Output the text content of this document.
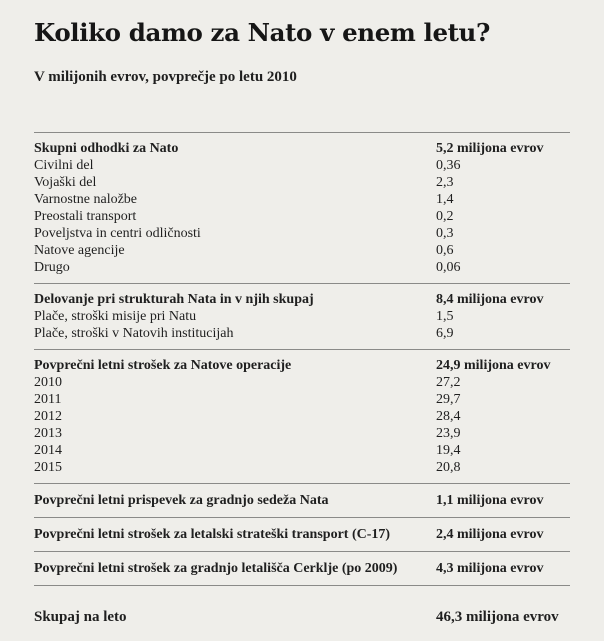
Koliko damo za Nato v enem letu?
V milijonih evrov, povprečje po letu 2010
Skupni odhodki za Nato	5,2 milijona evrov
Civilni del	0,36
Vojaški del	2,3
Varnostne naložbe	1,4
Preostali transport	0,2
Poveljstva in centri odličnosti	0,3
Natove agencije	0,6
Drugo	0,06
Delovanje pri strukturah Nata in v njih skupaj	8,4 milijona evrov
Plače, stroški misije pri Natu	1,5
Plače, stroški v Natovih institucijah	6,9
Povprečni letni strošek za Natove operacije	24,9 milijona evrov
2010	27,2
2011	29,7
2012	28,4
2013	23,9
2014	19,4
2015	20,8
Povprečni letni prispevek za gradnjo sedeža Nata	1,1 milijona evrov
Povprečni letni strošek za letalski strateški transport (C-17)	2,4 milijona evrov
Povprečni letni strošek za gradnjo letališča Cerklje (po 2009)	4,3 milijona evrov
Skupaj na leto	46,3 milijona evrov
